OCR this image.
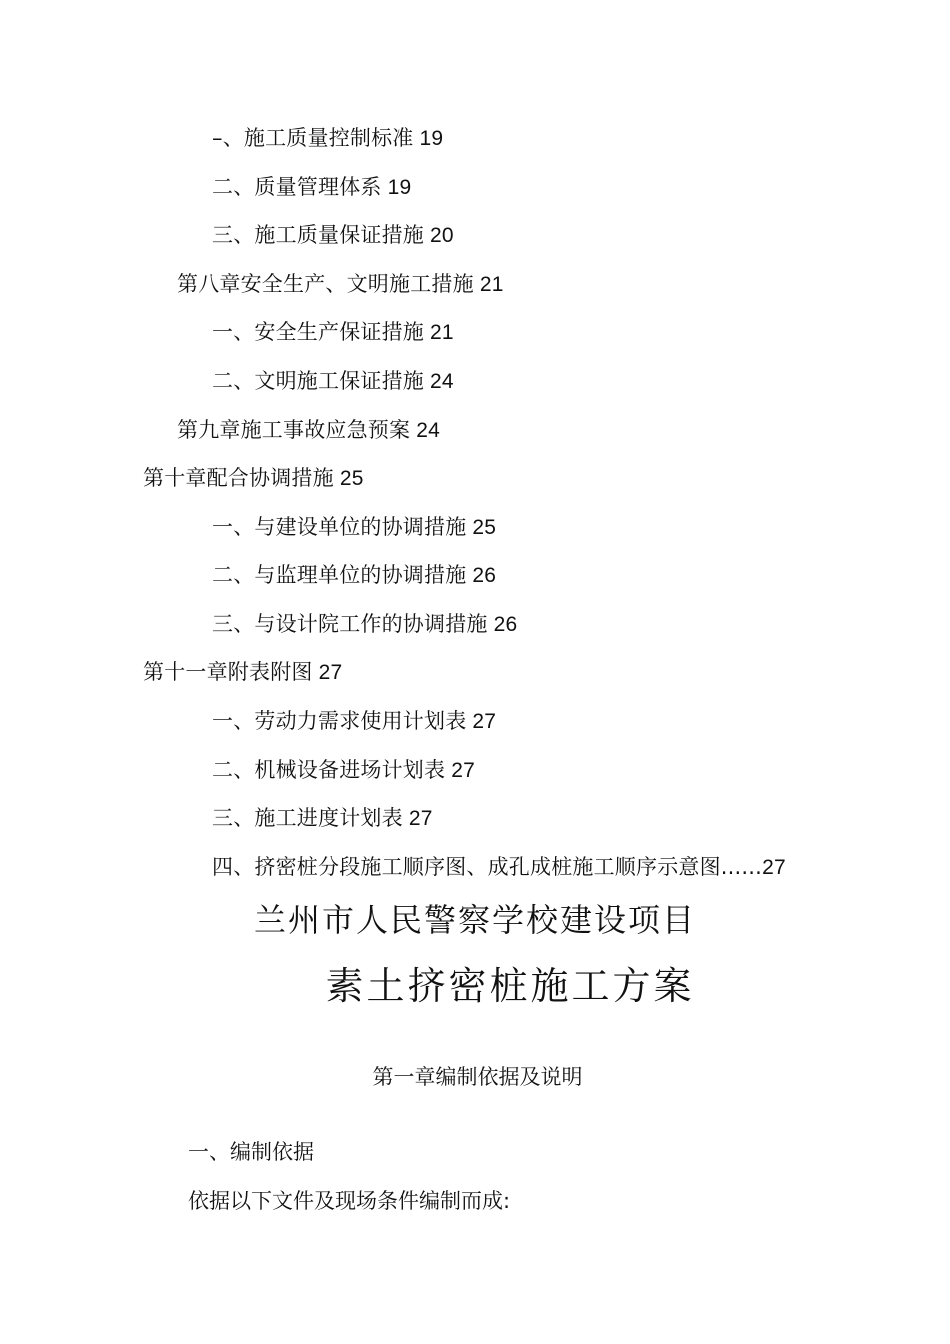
–、施工质量控制标准 19
二、质量管理体系 19
三、施工质量保证措施 20
第八章安全生产、文明施工措施 21
一、安全生产保证措施 21
二、文明施工保证措施 24
第九章施工事故应急预案 24
第十章配合协调措施 25
一、与建设单位的协调措施 25
二、与监理单位的协调措施 26
三、与设计院工作的协调措施 26
第十一章附表附图 27
一、劳动力需求使用计划表 27
二、机械设备进场计划表 27
三、施工进度计划表 27
四、挤密桩分段施工顺序图、成孔成桩施工顺序示意图......27
兰州市人民警察学校建设项目
素土挤密桩施工方案
第一章编制依据及说明
一、编制依据
依据以下文件及现场条件编制而成:
